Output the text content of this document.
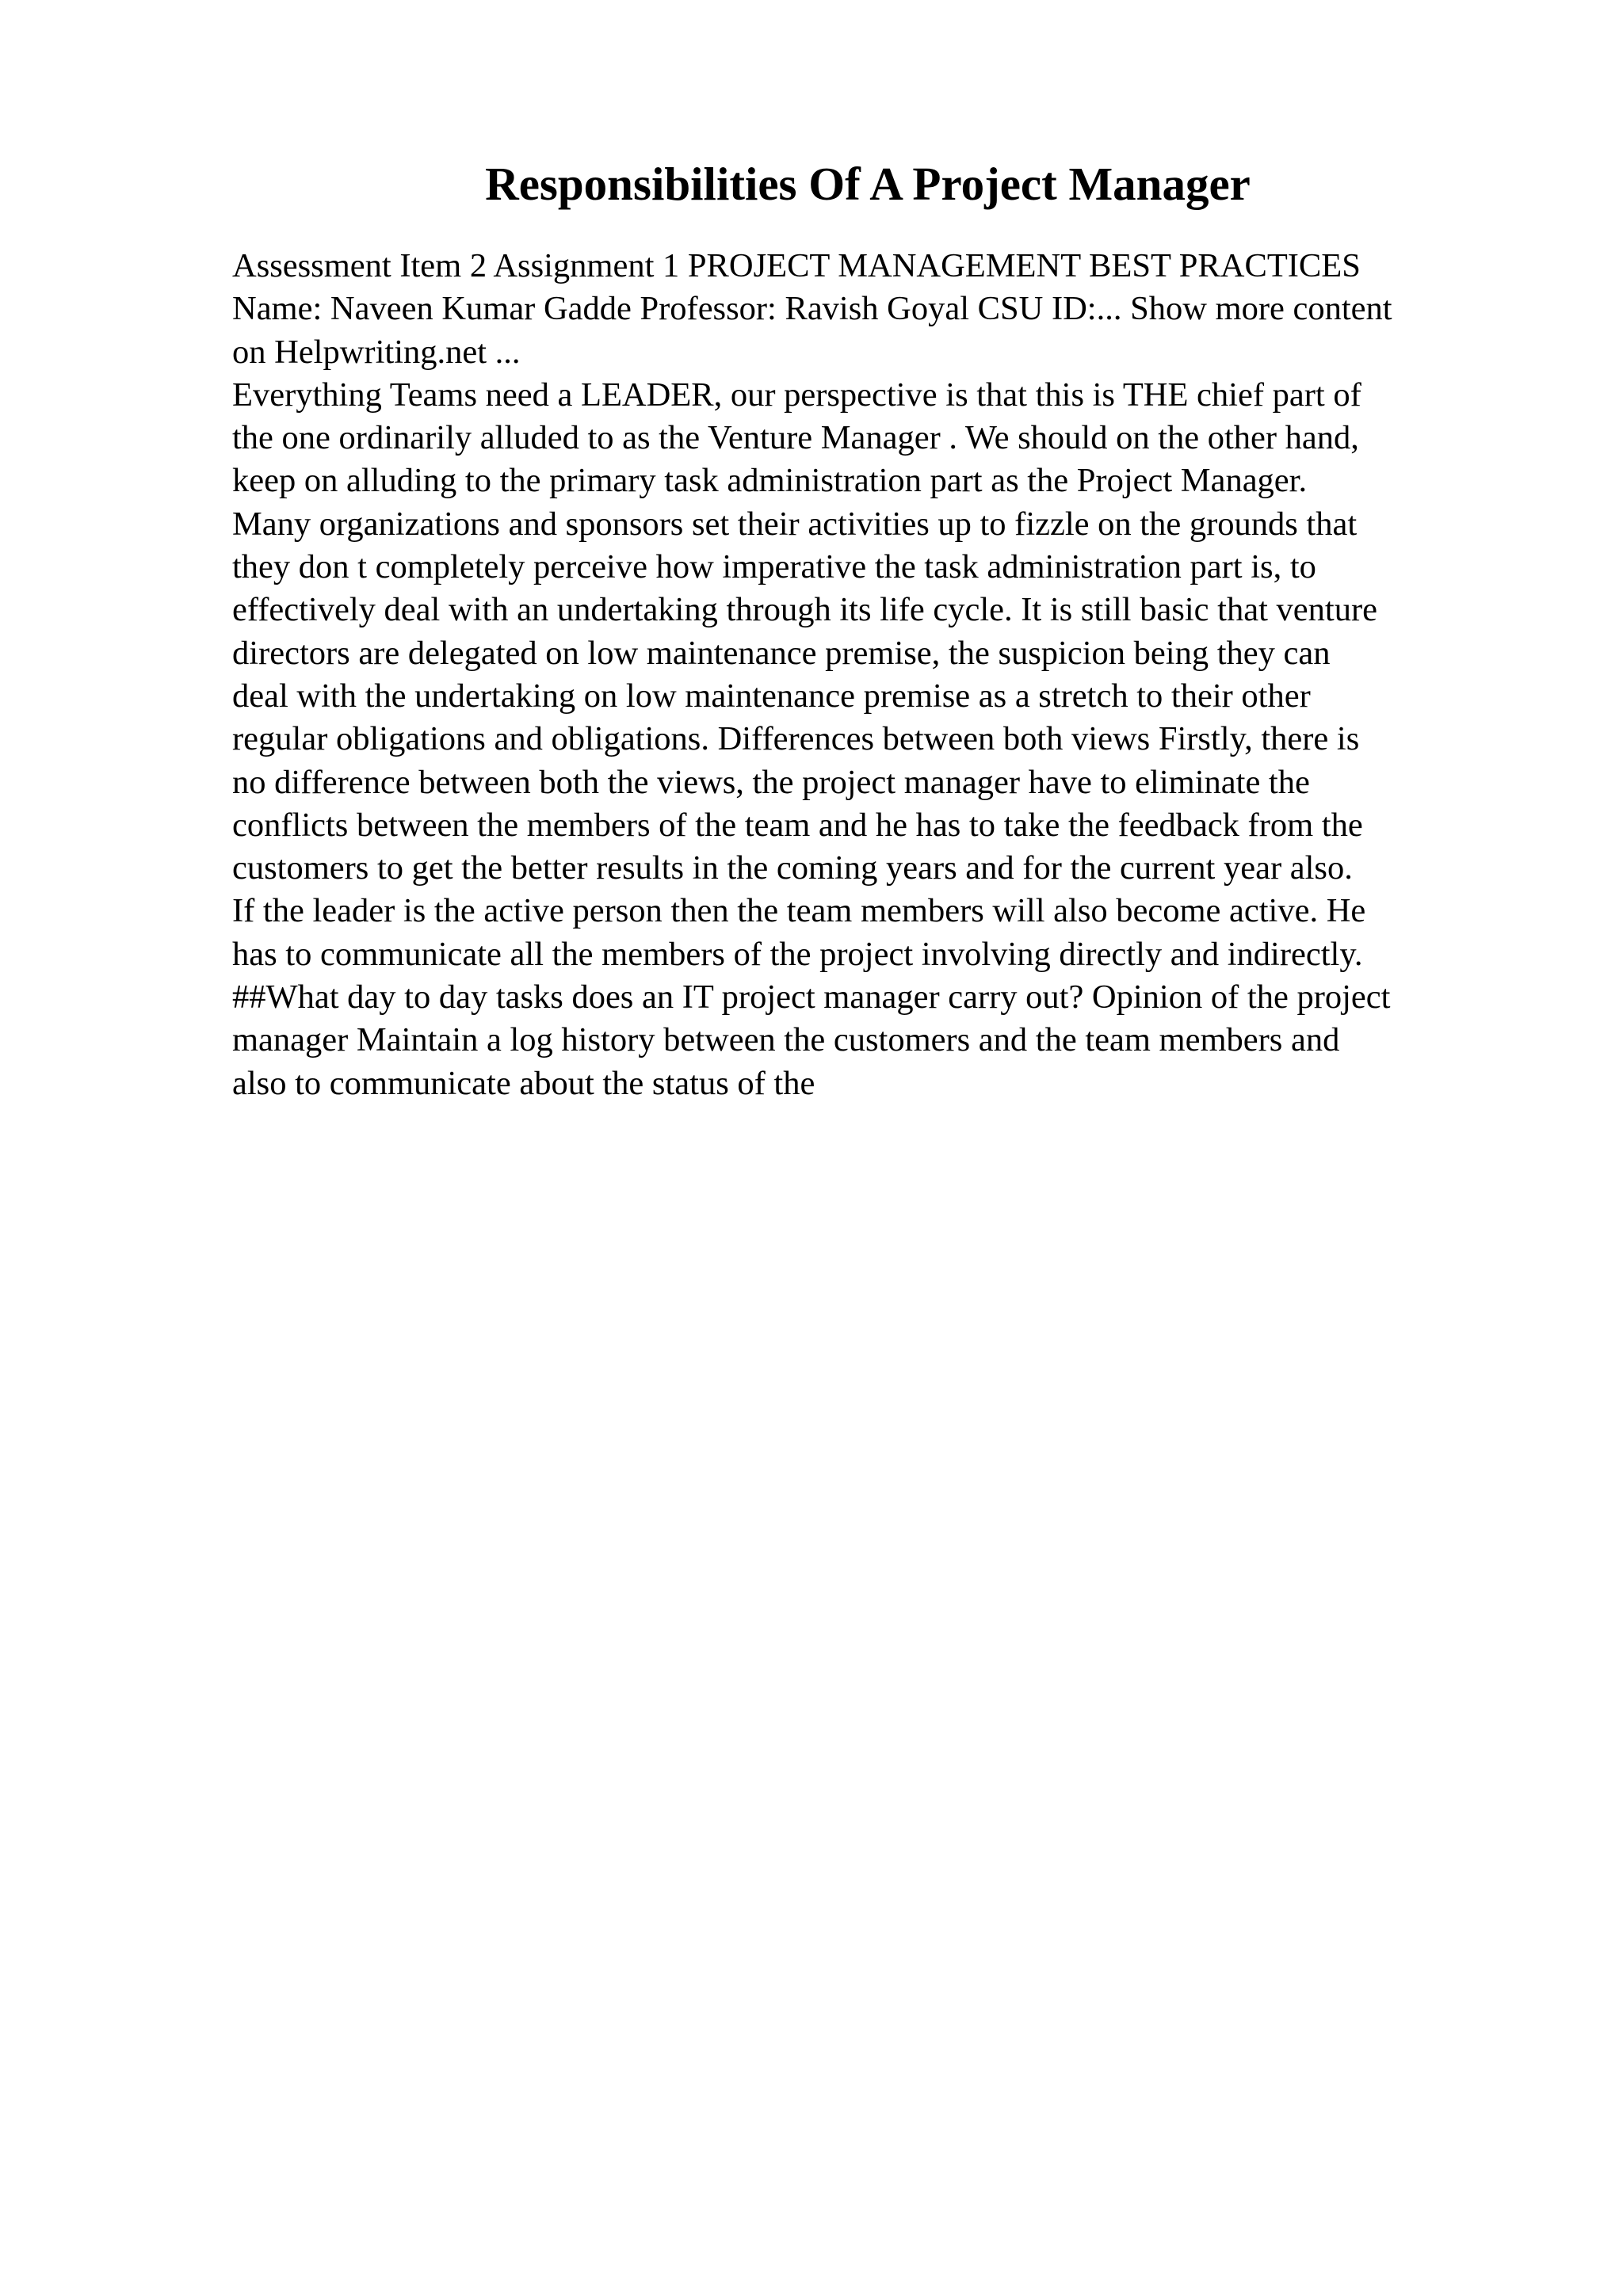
Responsibilities Of A Project Manager
Assessment Item 2 Assignment 1 PROJECT MANAGEMENT BEST PRACTICES
Name: Naveen Kumar Gadde Professor: Ravish Goyal CSU ID:... Show more content
on Helpwriting.net ...
Everything Teams need a LEADER, our perspective is that this is THE chief part of
the one ordinarily alluded to as the Venture Manager . We should on the other hand,
keep on alluding to the primary task administration part as the Project Manager.
Many organizations and sponsors set their activities up to fizzle on the grounds that
they don t completely perceive how imperative the task administration part is, to
effectively deal with an undertaking through its life cycle. It is still basic that venture
directors are delegated on low maintenance premise, the suspicion being they can
deal with the undertaking on low maintenance premise as a stretch to their other
regular obligations and obligations. Differences between both views Firstly, there is
no difference between both the views, the project manager have to eliminate the
conflicts between the members of the team and he has to take the feedback from the
customers to get the better results in the coming years and for the current year also.
If the leader is the active person then the team members will also become active. He
has to communicate all the members of the project involving directly and indirectly.
##What day to day tasks does an IT project manager carry out? Opinion of the project
manager Maintain a log history between the customers and the team members and
also to communicate about the status of the
